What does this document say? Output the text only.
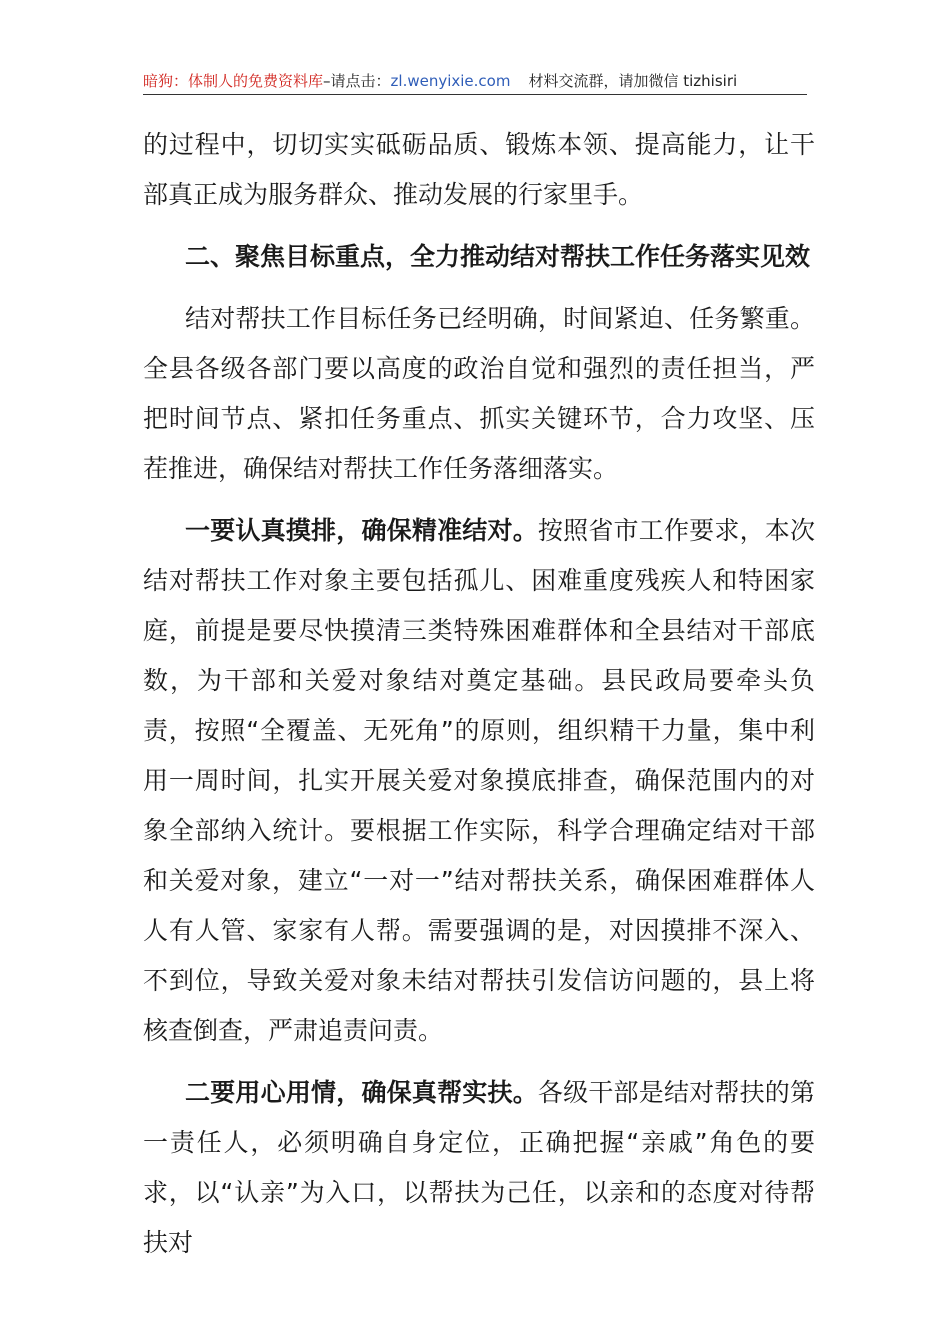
暗狗：体制人的免费资料库–请点击：zl.wenyixie.com 材料交流群，请加微信 tizhisiri

的过程中，切切实实砥砺品质、锻炼本领、提高能力，让干部真正成为服务群众、推动发展的行家里手。

二、聚焦目标重点，全力推动结对帮扶工作任务落实见效

结对帮扶工作目标任务已经明确，时间紧迫、任务繁重。全县各级各部门要以高度的政治自觉和强烈的责任担当，严把时间节点、紧扣任务重点、抓实关键环节，合力攻坚、压茬推进，确保结对帮扶工作任务落细落实。

一要认真摸排，确保精准结对。按照省市工作要求，本次结对帮扶工作对象主要包括孤儿、困难重度残疾人和特困家庭，前提是要尽快摸清三类特殊困难群体和全县结对干部底数，为干部和关爱对象结对奠定基础。县民政局要牵头负责，按照“全覆盖、无死角”的原则，组织精干力量，集中利用一周时间，扎实开展关爱对象摸底排查，确保范围内的对象全部纳入统计。要根据工作实际，科学合理确定结对干部和关爱对象，建立“一对一”结对帮扶关系，确保困难群体人人有人管、家家有人帮。需要强调的是，对因摸排不深入、不到位，导致关爱对象未结对帮扶引发信访问题的，县上将核查倒查，严肃追责问责。

二要用心用情，确保真帮实扶。各级干部是结对帮扶的第一责任人，必须明确自身定位，正确把握“亲戚”角色的要求，以“认亲”为入口，以帮扶为己任，以亲和的态度对待帮扶对
